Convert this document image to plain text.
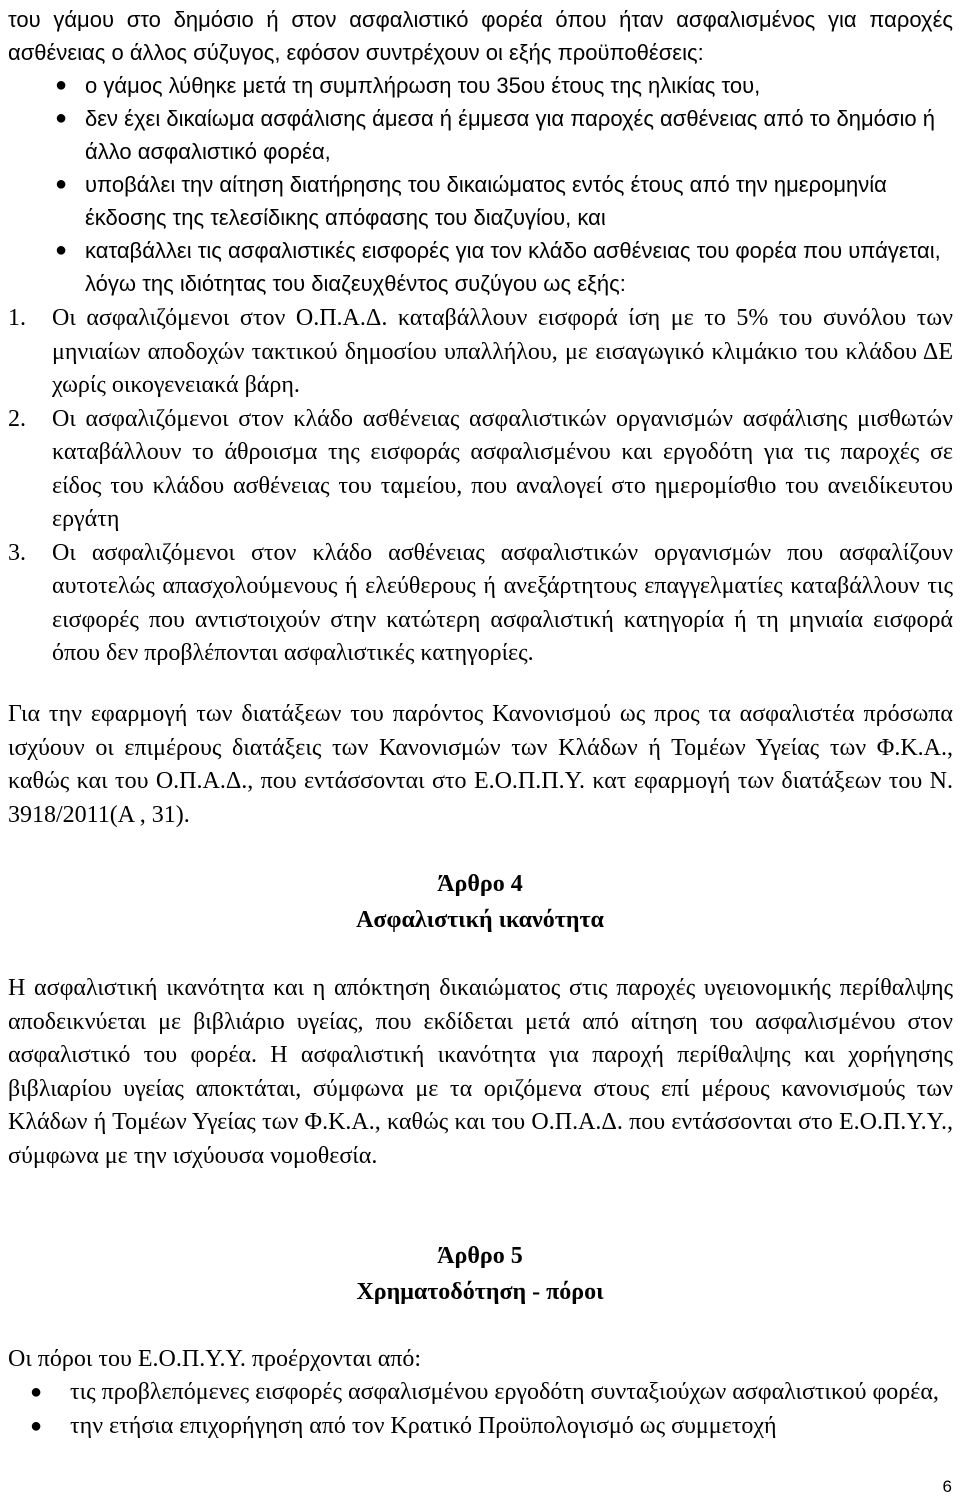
του γάμου στο δημόσιο ή στον ασφαλιστικό φορέα όπου ήταν ασφαλισμένος για παροχές ασθένειας ο άλλος σύζυγος, εφόσον συντρέχουν οι εξής προϋποθέσεις:

● ο γάμος λύθηκε μετά τη συμπλήρωση του 35ου έτους της ηλικίας του,
● δεν έχει δικαίωμα ασφάλισης άμεσα ή έμμεσα για παροχές ασθένειας από το δημόσιο ή άλλο ασφαλιστικό φορέα,
● υποβάλει την αίτηση διατήρησης του δικαιώματος εντός έτους από την ημερομηνία έκδοσης της τελεσίδικης απόφασης του διαζυγίου, και
● καταβάλλει τις ασφαλιστικές εισφορές για τον κλάδο ασθένειας του φορέα που υπάγεται, λόγω της ιδιότητας του διαζευχθέντος συζύγου ως εξής:
1. Οι ασφαλιζόμενοι στον Ο.Π.Α.Δ. καταβάλλουν εισφορά ίση με το 5% του συνόλου των μηνιαίων αποδοχών τακτικού δημοσίου υπαλλήλου, με εισαγωγικό κλιμάκιο του κλάδου ΔΕ χωρίς οικογενειακά βάρη.

2. Οι ασφαλιζόμενοι στον κλάδο ασθένειας ασφαλιστικών οργανισμών ασφάλισης μισθωτών καταβάλλουν το άθροισμα της εισφοράς ασφαλισμένου και εργοδότη για τις παροχές σε είδος του κλάδου ασθένειας του ταμείου, που αναλογεί στο ημερομίσθιο του ανειδίκευτου εργάτη

3. Οι ασφαλιζόμενοι στον κλάδο ασθένειας ασφαλιστικών οργανισμών που ασφαλίζουν αυτοτελώς απασχολούμενους ή ελεύθερους ή ανεξάρτητους επαγγελματίες καταβάλλουν τις εισφορές που αντιστοιχούν στην κατώτερη ασφαλιστική κατηγορία ή τη μηνιαία εισφορά όπου δεν προβλέπονται ασφαλιστικές κατηγορίες.

Για την εφαρμογή των διατάξεων του παρόντος Κανονισμού ως προς τα ασφαλιστέα πρόσωπα ισχύουν οι επιμέρους διατάξεις των Κανονισμών των Κλάδων ή Τομέων Υγείας των Φ.Κ.Α., καθώς και του Ο.Π.Α.Δ., που εντάσσονται στο Ε.Ο.Π.Π.Υ. κατ εφαρμογή των διατάξεων του Ν. 3918/2011(Α , 31).

Άρθρο 4
Ασφαλιστική ικανότητα

Η ασφαλιστική ικανότητα και η απόκτηση δικαιώματος στις παροχές υγειονομικής περίθαλψης αποδεικνύεται με βιβλιάριο υγείας, που εκδίδεται μετά από αίτηση του ασφαλισμένου στον ασφαλιστικό του φορέα. Η ασφαλιστική ικανότητα για παροχή περίθαλψης και χορήγησης βιβλιαρίου υγείας αποκτάται, σύμφωνα με τα οριζόμενα στους επί μέρους κανονισμούς των Κλάδων ή Τομέων Υγείας των Φ.Κ.Α., καθώς και του Ο.Π.Α.Δ. που εντάσσονται στο Ε.Ο.Π.Υ.Υ., σύμφωνα με την ισχύουσα νομοθεσία.

Άρθρο 5
Χρηματοδότηση - πόροι

Οι πόροι του Ε.Ο.Π.Υ.Υ. προέρχονται από:

● τις προβλεπόμενες εισφορές ασφαλισμένου εργοδότη συνταξιούχων ασφαλιστικού φορέα,
● την ετήσια επιχορήγηση από τον Κρατικό Προϋπολογισμό ως συμμετοχή
6
